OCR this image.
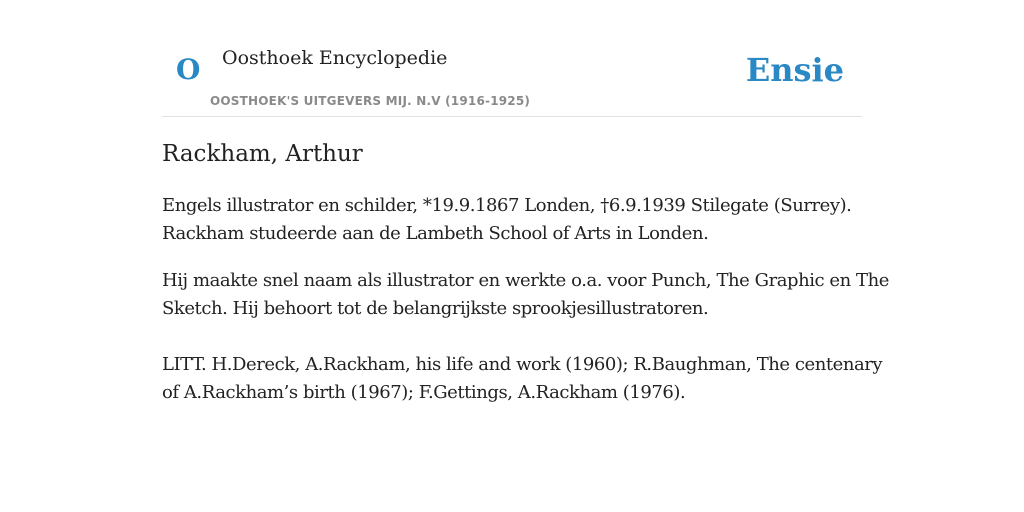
O Oosthoek Encyclopedie
OOSTHOEK'S UITGEVERS MIJ. N.V (1916-1925)
Ensie
Rackham, Arthur

Engels illustrator en schilder, *19.9.1867 Londen, †6.9.1939 Stilegate (Surrey).
Rackham studeerde aan de Lambeth School of Arts in Londen.

Hij maakte snel naam als illustrator en werkte o.a. voor Punch, The Graphic en The
Sketch. Hij behoort tot de belangrijkste sprookjesillustratoren.

LITT. H.Dereck, A.Rackham, his life and work (1960); R.Baughman, The centenary
of A.Rackham’s birth (1967); F.Gettings, A.Rackham (1976).
